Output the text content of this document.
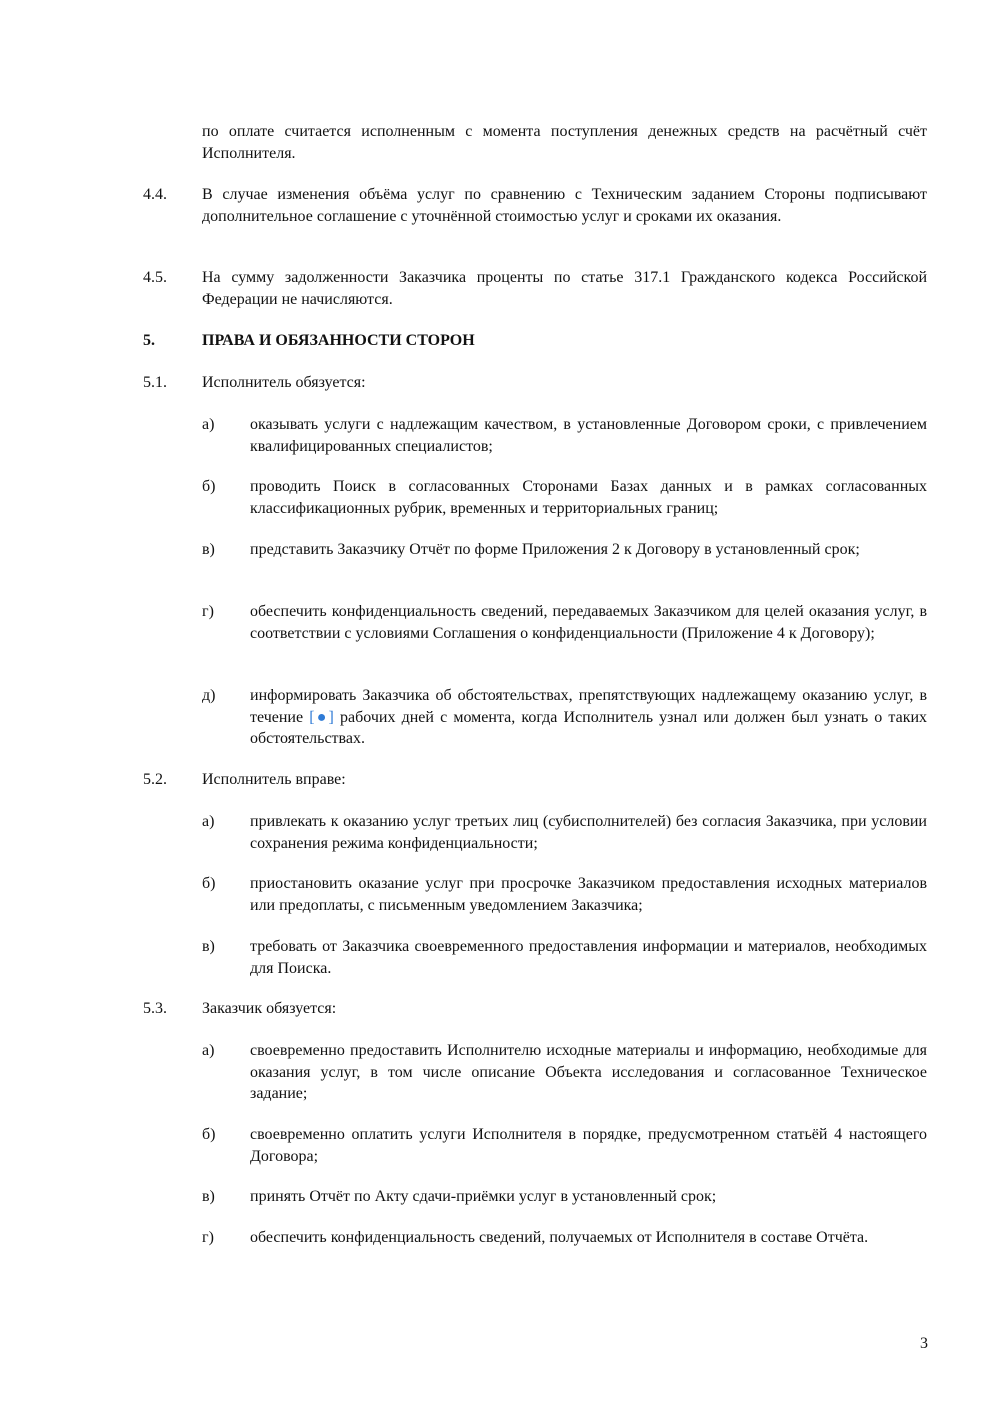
по оплате считается исполненным с момента поступления денежных средств на расчётный счёт Исполнителя.
4.4. В случае изменения объёма услуг по сравнению с Техническим заданием Стороны подписывают дополнительное соглашение с уточнённой стоимостью услуг и сроками их оказания.
4.5. На сумму задолженности Заказчика проценты по статье 317.1 Гражданского кодекса Российской Федерации не начисляются.
5.	ПРАВА И ОБЯЗАННОСТИ СТОРОН
5.1. Исполнитель обязуется:
а) оказывать услуги с надлежащим качеством, в установленные Договором сроки, с привлечением квалифицированных специалистов;
б) проводить Поиск в согласованных Сторонами Базах данных и в рамках согласованных классификационных рубрик, временных и территориальных границ;
в) представить Заказчику Отчёт по форме Приложения 2 к Договору в установленный срок;
г) обеспечить конфиденциальность сведений, передаваемых Заказчиком для целей оказания услуг, в соответствии с условиями Соглашения о конфиденциальности (Приложение 4 к Договору);
д) информировать Заказчика об обстоятельствах, препятствующих надлежащему оказанию услуг, в течение [●] рабочих дней с момента, когда Исполнитель узнал или должен был узнать о таких обстоятельствах.
5.2. Исполнитель вправе:
а) привлекать к оказанию услуг третьих лиц (субисполнителей) без согласия Заказчика, при условии сохранения режима конфиденциальности;
б) приостановить оказание услуг при просрочке Заказчиком предоставления исходных материалов или предоплаты, с письменным уведомлением Заказчика;
в) требовать от Заказчика своевременного предоставления информации и материалов, необходимых для Поиска.
5.3. Заказчик обязуется:
а) своевременно предоставить Исполнителю исходные материалы и информацию, необходимые для оказания услуг, в том числе описание Объекта исследования и согласованное Техническое задание;
б) своевременно оплатить услуги Исполнителя в порядке, предусмотренном статьёй 4 настоящего Договора;
в) принять Отчёт по Акту сдачи-приёмки услуг в установленный срок;
г) обеспечить конфиденциальность сведений, получаемых от Исполнителя в составе Отчёта.
3
